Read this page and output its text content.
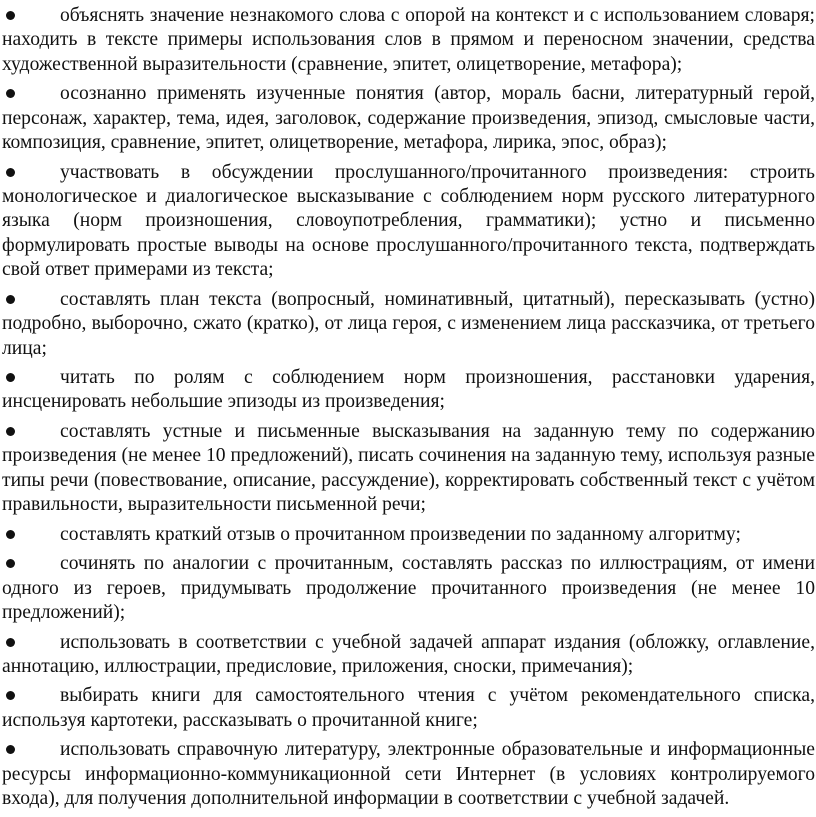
объяснять значение незнакомого слова с опорой на контекст и с использованием словаря; находить в тексте примеры использования слов в прямом и переносном значении, средства художественной выразительности (сравнение, эпитет, олицетворение, метафора);
осознанно применять изученные понятия (автор, мораль басни, литературный герой, персонаж, характер, тема, идея, заголовок, содержание произведения, эпизод, смысловые части, композиция, сравнение, эпитет, олицетворение, метафора, лирика, эпос, образ);
участвовать в обсуждении прослушанного/прочитанного произведения: строить монологическое и диалогическое высказывание с соблюдением норм русского литературного языка (норм произношения, словоупотребления, грамматики); устно и письменно формулировать простые выводы на основе прослушанного/прочитанного текста, подтверждать свой ответ примерами из текста;
составлять план текста (вопросный, номинативный, цитатный), пересказывать (устно) подробно, выборочно, сжато (кратко), от лица героя, с изменением лица рассказчика, от третьего лица;
читать по ролям с соблюдением норм произношения, расстановки ударения, инсценировать небольшие эпизоды из произведения;
составлять устные и письменные высказывания на заданную тему по содержанию произведения (не менее 10 предложений), писать сочинения на заданную тему, используя разные типы речи (повествование, описание, рассуждение), корректировать собственный текст с учётом правильности, выразительности письменной речи;
составлять краткий отзыв о прочитанном произведении по заданному алгоритму;
сочинять по аналогии с прочитанным, составлять рассказ по иллюстрациям, от имени одного из героев, придумывать продолжение прочитанного произведения (не менее 10 предложений);
использовать в соответствии с учебной задачей аппарат издания (обложку, оглавление, аннотацию, иллюстрации, предисловие, приложения, сноски, примечания);
выбирать книги для самостоятельного чтения с учётом рекомендательного списка, используя картотеки, рассказывать о прочитанной книге;
использовать справочную литературу, электронные образовательные и информационные ресурсы информационно-коммуникационной сети Интернет (в условиях контролируемого входа), для получения дополнительной информации в соответствии с учебной задачей.
